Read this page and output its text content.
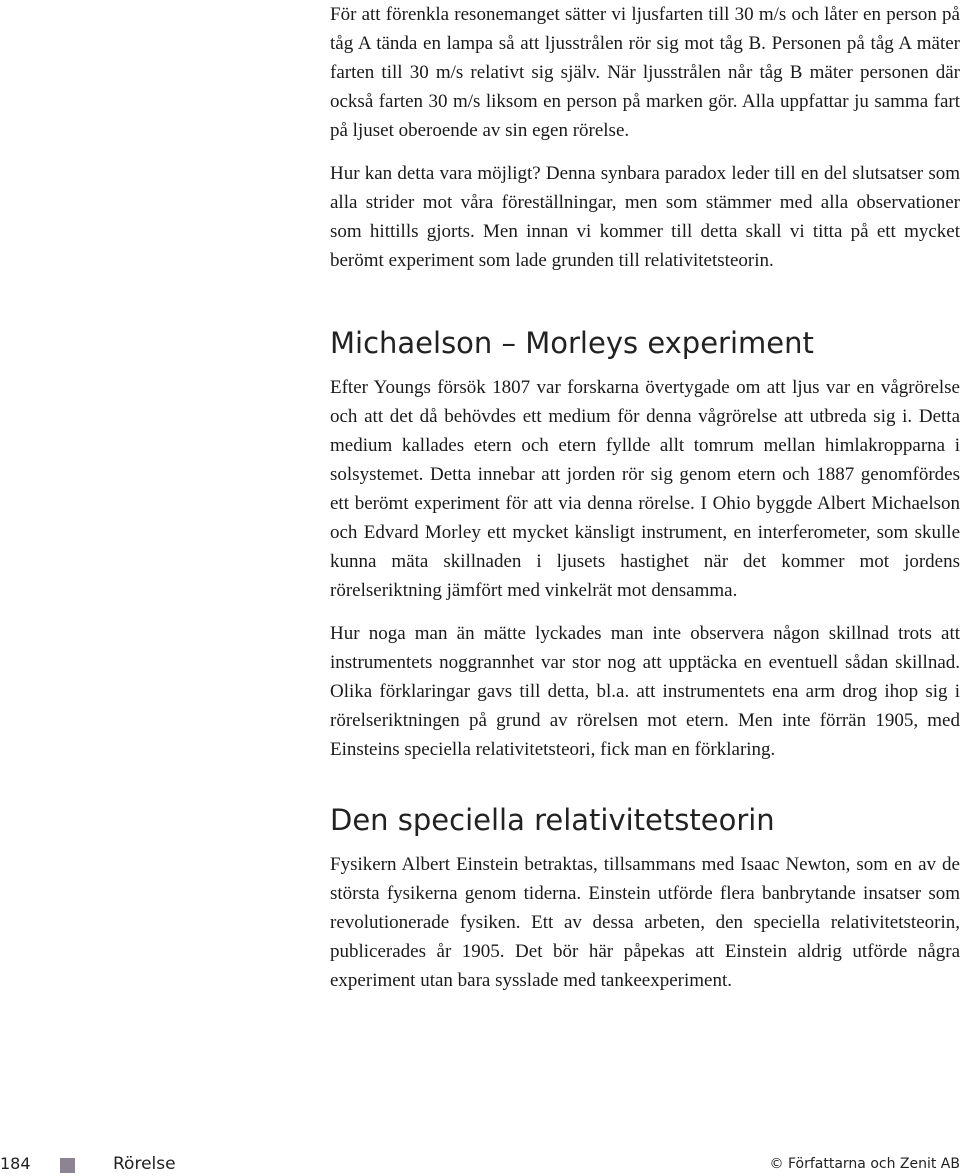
För att förenkla resonemanget sätter vi ljusfarten till 30 m/s och låter en person på tåg A tända en lampa så att ljusstrålen rör sig mot tåg B. Personen på tåg A mäter farten till 30 m/s relativt sig själv. När ljusstrålen når tåg B mäter personen där också farten 30 m/s liksom en person på marken gör. Alla uppfattar ju samma fart på ljuset oberoende av sin egen rörelse.

Hur kan detta vara möjligt? Denna synbara paradox leder till en del slutsatser som alla strider mot våra föreställningar, men som stämmer med alla observationer som hittills gjorts. Men innan vi kommer till detta skall vi titta på ett mycket berömt experiment som lade grunden till relativitetsteorin.

Michaelson – Morleys experiment

Efter Youngs försök 1807 var forskarna övertygade om att ljus var en vågrörelse och att det då behövdes ett medium för denna vågrörelse att utbreda sig i. Detta medium kallades etern och etern fyllde allt tomrum mellan himlakropparna i solsystemet. Detta innebar att jorden rör sig genom etern och 1887 genomfördes ett berömt experiment för att via denna rörelse. I Ohio byggde Albert Michaelson och Edvard Morley ett mycket känsligt instrument, en interferometer, som skulle kunna mäta skillnaden i ljusets hastighet när det kommer mot jordens rörelseriktning jämfört med vinkelrät mot densamma.

Hur noga man än mätte lyckades man inte observera någon skillnad trots att instrumentets noggrannhet var stor nog att upptäcka en eventuell sådan skillnad. Olika förklaringar gavs till detta, bl.a. att instrumentets ena arm drog ihop sig i rörelseriktningen på grund av rörelsen mot etern. Men inte förrän 1905, med Einsteins speciella relativitetsteori, fick man en förklaring.

Den speciella relativitetsteorin

Fysikern Albert Einstein betraktas, tillsammans med Isaac Newton, som en av de största fysikerna genom tiderna. Einstein utförde flera banbrytande insatser som revolutionerade fysiken. Ett av dessa arbeten, den speciella relativitetsteorin, publicerades år 1905. Det bör här påpekas att Einstein aldrig utförde några experiment utan bara sysslade med tankeexperiment.

184	Rörelse	© Författarna och Zenit AB
